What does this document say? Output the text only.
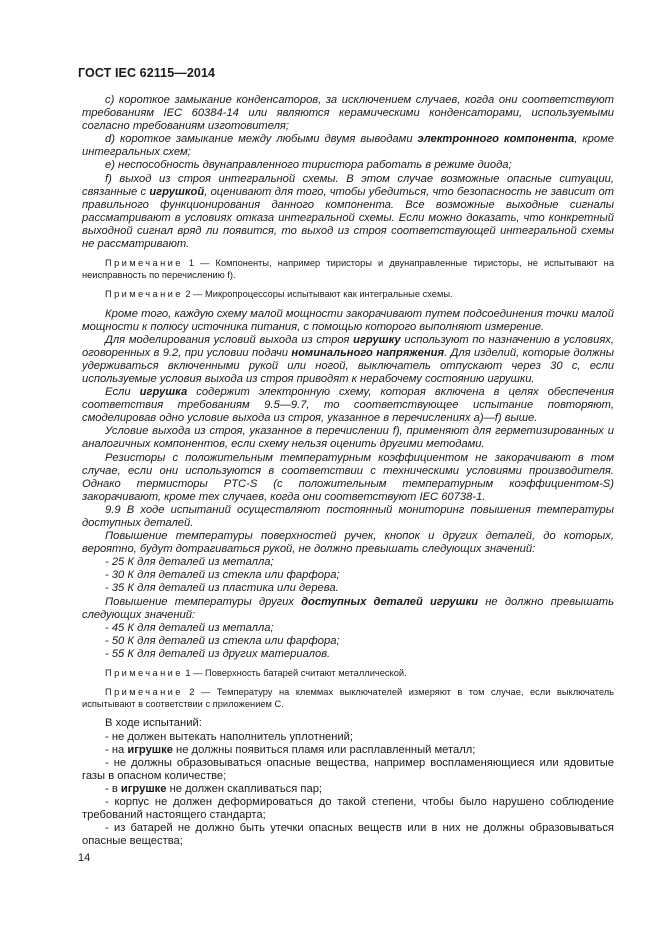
ГОСТ IEC 62115—2014

c) короткое замыкание конденсаторов, за исключением случаев, когда они соответствуют требованиям IEC 60384-14 или являются керамическими конденсаторами, используемыми согласно требованиям изготовителя;

d) короткое замыкание между любыми двумя выводами электронного компонента, кроме интегральных схем;

e) неспособность двунаправленного тиристора работать в режиме диода;

f) выход из строя интегральной схемы. В этом случае возможные опасные ситуации, связанные с игрушкой, оценивают для того, чтобы убедиться, что безопасность не зависит от правильного функционирования данного компонента. Все возможные выходные сигналы рассматривают в условиях отказа интегральной схемы. Если можно доказать, что конкретный выходной сигнал вряд ли появится, то выход из строя соответствующей интегральной схемы не рассматривают.

Примечание 1 — Компоненты, например тиристоры и двунаправленные тиристоры, не испытывают на неисправность по перечислению f).

Примечание 2 — Микропроцессоры испытывают как интегральные схемы.

Кроме того, каждую схему малой мощности закорачивают путем подсоединения точки малой мощности к полюсу источника питания, с помощью которого выполняют измерение.

Для моделирования условий выхода из строя игрушку используют по назначению в условиях, оговоренных в 9.2, при условии подачи номинального напряжения. Для изделий, которые должны удерживаться включенными рукой или ногой, выключатель отпускают через 30 с, если используемые условия выхода из строя приводят к нерабочему состоянию игрушки.

Если игрушка содержит электронную схему, которая включена в целях обеспечения соответствия требованиям 9.5—9.7, то соответствующее испытание повторяют, смоделировав одно условие выхода из строя, указанное в перечислениях а)—f) выше.

Условие выхода из строя, указанное в перечислении f), применяют для герметизированных и аналогичных компонентов, если схему нельзя оценить другими методами.

Резисторы с положительным температурным коэффициентом не закорачивают в том случае, если они используются в соответствии с техническими условиями производителя. Однако термисторы PTC-S (с положительным температурным коэффициентом-S) закорачивают, кроме тех случаев, когда они соответствуют IEC 60738-1.

9.9 В ходе испытаний осуществляют постоянный мониторинг повышения температуры доступных деталей.

Повышение температуры поверхностей ручек, кнопок и других деталей, до которых, вероятно, будут дотрагиваться рукой, не должно превышать следующих значений:

- 25 К для деталей из металла;

- 30 К для деталей из стекла или фарфора;

- 35 К для деталей из пластика или дерева.

Повышение температуры других доступных деталей игрушки не должно превышать следующих значений:

- 45 К для деталей из металла;

- 50 К для деталей из стекла или фарфора;

- 55 К для деталей из других материалов.

Примечание 1 — Поверхность батарей считают металлической.

Примечание 2 — Температуру на клеммах выключателей измеряют в том случае, если выключатель испытывают в соответствии с приложением С.

В ходе испытаний:

- не должен вытекать наполнитель уплотнений;

- на игрушке не должны появиться пламя или расплавленный металл;

- не должны образовываться опасные вещества, например воспламеняющиеся или ядовитые газы в опасном количестве;

- в игрушке не должен скапливаться пар;

- корпус не должен деформироваться до такой степени, чтобы было нарушено соблюдение требований настоящего стандарта;

- из батарей не должно быть утечки опасных веществ или в них не должны образовываться опасные вещества;

14
